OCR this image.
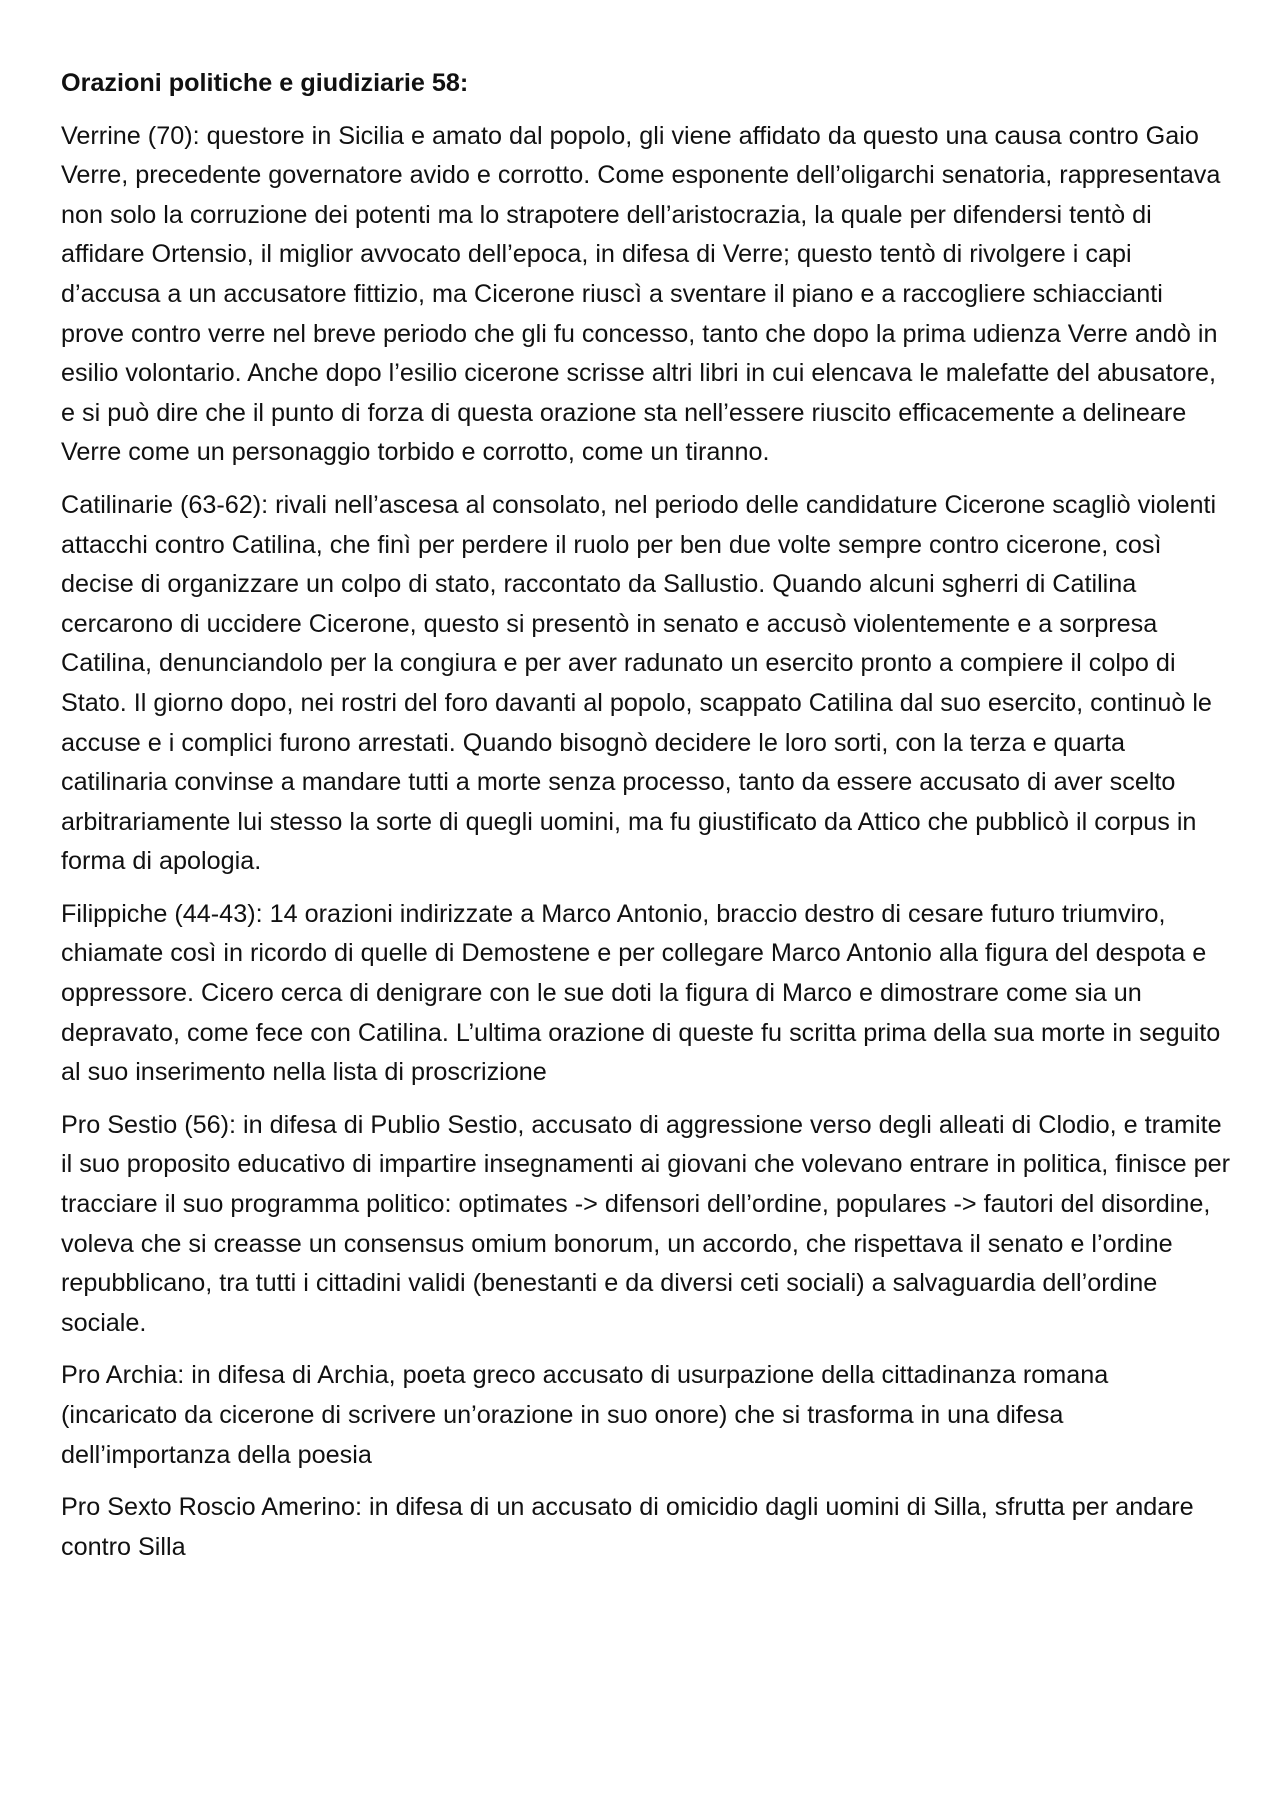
Orazioni politiche e giudiziarie 58:

Verrine (70): questore in Sicilia e amato dal popolo, gli viene affidato da questo una causa contro Gaio Verre, precedente governatore avido e corrotto. Come esponente dell’oligarchi senatoria, rappresentava non solo la corruzione dei potenti ma lo strapotere dell’aristocrazia, la quale per difendersi tentò di affidare Ortensio, il miglior avvocato dell’epoca, in difesa di Verre; questo tentò di rivolgere i capi d’accusa a un accusatore fittizio, ma Cicerone riuscì a sventare il piano e a raccogliere schiaccianti prove contro verre nel breve periodo che gli fu concesso, tanto che dopo la prima udienza Verre andò in esilio volontario. Anche dopo l’esilio cicerone scrisse altri libri in cui elencava le malefatte del abusatore, e si può dire che il punto di forza di questa orazione sta nell’essere riuscito efficacemente a delineare Verre come un personaggio torbido e corrotto, come un tiranno.

Catilinarie (63-62): rivali nell’ascesa al consolato, nel periodo delle candidature Cicerone scagliò violenti attacchi contro Catilina, che finì per perdere il ruolo per ben due volte sempre contro cicerone, così decise di organizzare un colpo di stato, raccontato da Sallustio. Quando alcuni sgherri di Catilina cercarono di uccidere Cicerone, questo si presentò in senato e accusò violentemente e a sorpresa Catilina, denunciandolo per la congiura e per aver radunato un esercito pronto a compiere il colpo di Stato. Il giorno dopo, nei rostri del foro davanti al popolo, scappato Catilina dal suo esercito, continuò le accuse e i complici furono arrestati. Quando bisognò decidere le loro sorti, con la terza e quarta catilinaria convinse a mandare tutti a morte senza processo, tanto da essere accusato di aver scelto arbitrariamente lui stesso la sorte di quegli uomini, ma fu giustificato da Attico che pubblicò il corpus in forma di apologia.

Filippiche (44-43): 14 orazioni indirizzate a Marco Antonio, braccio destro di cesare futuro triumviro, chiamate così in ricordo di quelle di Demostene e per collegare Marco Antonio alla figura del despota e oppressore. Cicero cerca di denigrare con le sue doti la figura di Marco e dimostrare come sia un depravato, come fece con Catilina. L’ultima orazione di queste fu scritta prima della sua morte in seguito al suo inserimento nella lista di proscrizione

Pro Sestio (56): in difesa di Publio Sestio, accusato di aggressione verso degli alleati di Clodio, e tramite il suo proposito educativo di impartire insegnamenti ai giovani che volevano entrare in politica, finisce per tracciare il suo programma politico: optimates -> difensori dell’ordine, populares -> fautori del disordine, voleva che si creasse un consensus omium bonorum, un accordo, che rispettava il senato e l’ordine repubblicano, tra tutti i cittadini validi (benestanti e da diversi ceti sociali) a salvaguardia dell’ordine sociale.

Pro Archia: in difesa di Archia, poeta greco accusato di usurpazione della cittadinanza romana (incaricato da cicerone di scrivere un’orazione in suo onore) che si trasforma in una difesa dell’importanza della poesia

Pro Sexto Roscio Amerino: in difesa di un accusato di omicidio dagli uomini di Silla, sfrutta per andare contro Silla
